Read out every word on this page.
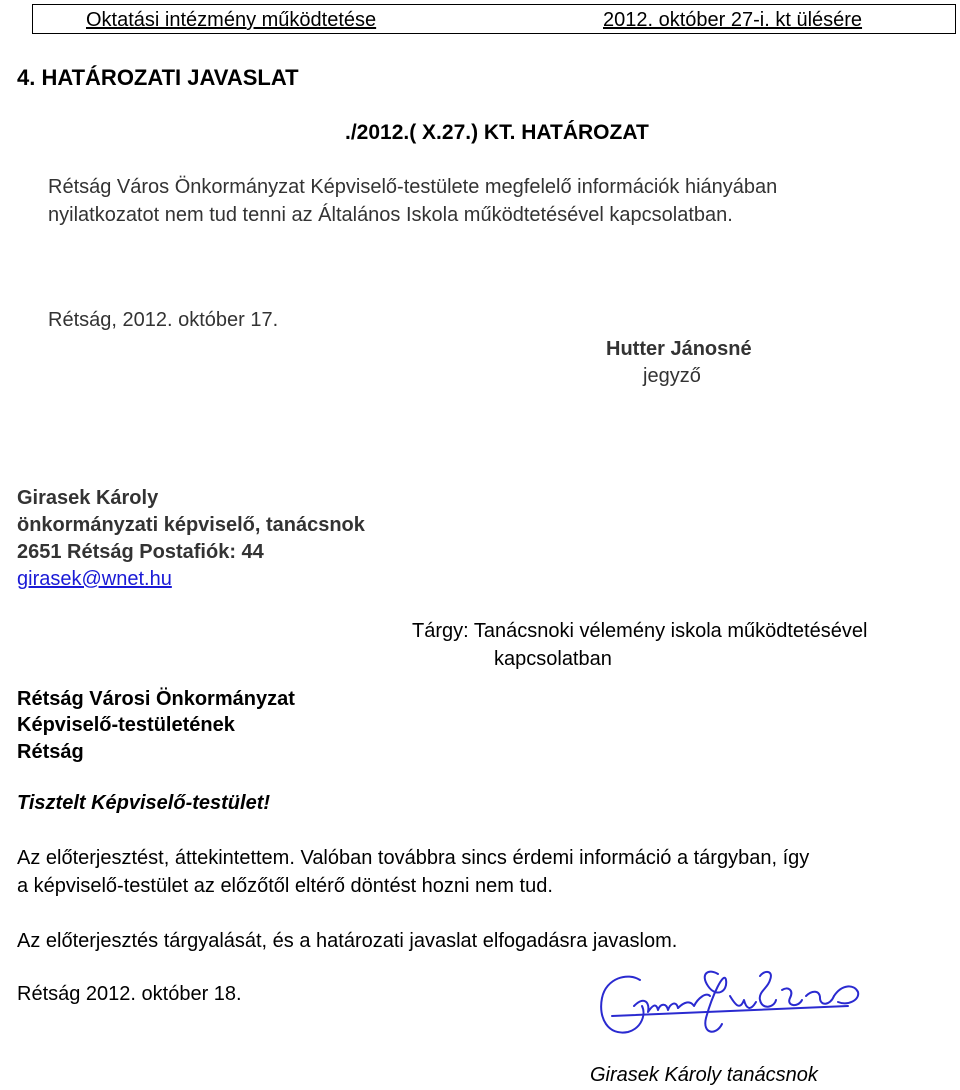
Oktatási intézmény működtetése	2012. október 27-i. kt ülésére
4. HATÁROZATI JAVASLAT
./2012.( X.27.) KT. HATÁROZAT
Rétság Város Önkormányzat Képviselő-testülete megfelelő információk hiányában
nyilatkozatot nem tud tenni az Általános Iskola működtetésével kapcsolatban.
Rétság, 2012. október 17.
Hutter Jánosné
jegyző
Girasek Károly
önkormányzati képviselő, tanácsnok
2651 Rétság Postafiók: 44
girasek@wnet.hu
Tárgy: Tanácsnoki vélemény iskola működtetésével
kapcsolatban
Rétság Városi Önkormányzat
Képviselő-testületének
Rétság
Tisztelt Képviselő-testület!
Az előterjesztést, áttekintettem. Valóban továbbra sincs érdemi információ a tárgyban, így
a képviselő-testület az előzőtől eltérő döntést hozni nem tud.
Az előterjesztés tárgyalását, és a határozati javaslat elfogadásra javaslom.
Rétság 2012. október 18.
Girasek Károly tanácsnok
